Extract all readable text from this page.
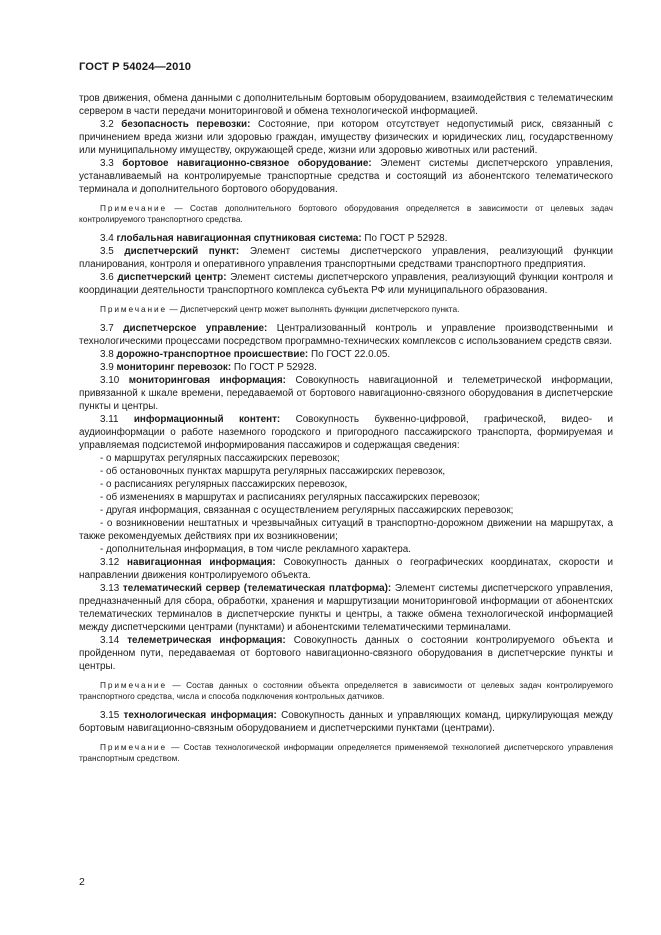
ГОСТ Р 54024—2010

тров движения, обмена данными с дополнительным бортовым оборудованием, взаимодействия с телематическим сервером в части передачи мониторинговой и обмена технологической информацией.

3.2 безопасность перевозки: Состояние, при котором отсутствует недопустимый риск, связанный с причинением вреда жизни или здоровью граждан, имуществу физических и юридических лиц, государственному или муниципальному имуществу, окружающей среде, жизни или здоровью животных или растений.

3.3 бортовое навигационно-связное оборудование: Элемент системы диспетчерского управления, устанавливаемый на контролируемые транспортные средства и состоящий из абонентского телематического терминала и дополнительного бортового оборудования.

Примечание — Состав дополнительного бортового оборудования определяется в зависимости от целевых задач контролируемого транспортного средства.

3.4 глобальная навигационная спутниковая система: По ГОСТ Р 52928.

3.5 диспетчерский пункт: Элемент системы диспетчерского управления, реализующий функции планирования, контроля и оперативного управления транспортными средствами транспортного предприятия.

3.6 диспетчерский центр: Элемент системы диспетчерского управления, реализующий функции контроля и координации деятельности транспортного комплекса субъекта РФ или муниципального образования.

Примечание — Диспетчерский центр может выполнять функции диспетчерского пункта.

3.7 диспетчерское управление: Централизованный контроль и управление производственными и технологическими процессами посредством программно-технических комплексов с использованием средств связи.

3.8 дорожно-транспортное происшествие: По ГОСТ 22.0.05.

3.9 мониторинг перевозок: По ГОСТ Р 52928.

3.10 мониторинговая информация: Совокупность навигационной и телеметрической информации, привязанной к шкале времени, передаваемой от бортового навигационно-связного оборудования в диспетчерские пункты и центры.

3.11 информационный контент: Совокупность буквенно-цифровой, графической, видео- и аудиоинформации о работе наземного городского и пригородного пассажирского транспорта, формируемая и управляемая подсистемой информирования пассажиров и содержащая сведения:

- о маршрутах регулярных пассажирских перевозок;
- об остановочных пунктах маршрута регулярных пассажирских перевозок,
- о расписаниях регулярных пассажирских перевозок,
- об изменениях в маршрутах и расписаниях регулярных пассажирских перевозок;
- другая информация, связанная с осуществлением регулярных пассажирских перевозок;
- о возникновении нештатных и чрезвычайных ситуаций в транспортно-дорожном движении на маршрутах, а также рекомендуемых действиях при их возникновении;
- дополнительная информация, в том числе рекламного характера.

3.12 навигационная информация: Совокупность данных о географических координатах, скорости и направлении движения контролируемого объекта.

3.13 телематический сервер (телематическая платформа): Элемент системы диспетчерского управления, предназначенный для сбора, обработки, хранения и маршрутизации мониторинговой информации от абонентских телематических терминалов в диспетчерские пункты и центры, а также обмена технологической информацией между диспетчерскими центрами (пунктами) и абонентскими телематическими терминалами.

3.14 телеметрическая информация: Совокупность данных о состоянии контролируемого объекта и пройденном пути, передаваемая от бортового навигационно-связного оборудования в диспетчерские пункты и центры.

Примечание — Состав данных о состоянии объекта определяется в зависимости от целевых задач контролируемого транспортного средства, числа и способа подключения контрольных датчиков.

3.15 технологическая информация: Совокупность данных и управляющих команд, циркулирующая между бортовым навигационно-связным оборудованием и диспетчерскими пунктами (центрами).

Примечание — Состав технологической информации определяется применяемой технологией диспетчерского управления транспортным средством.

2
